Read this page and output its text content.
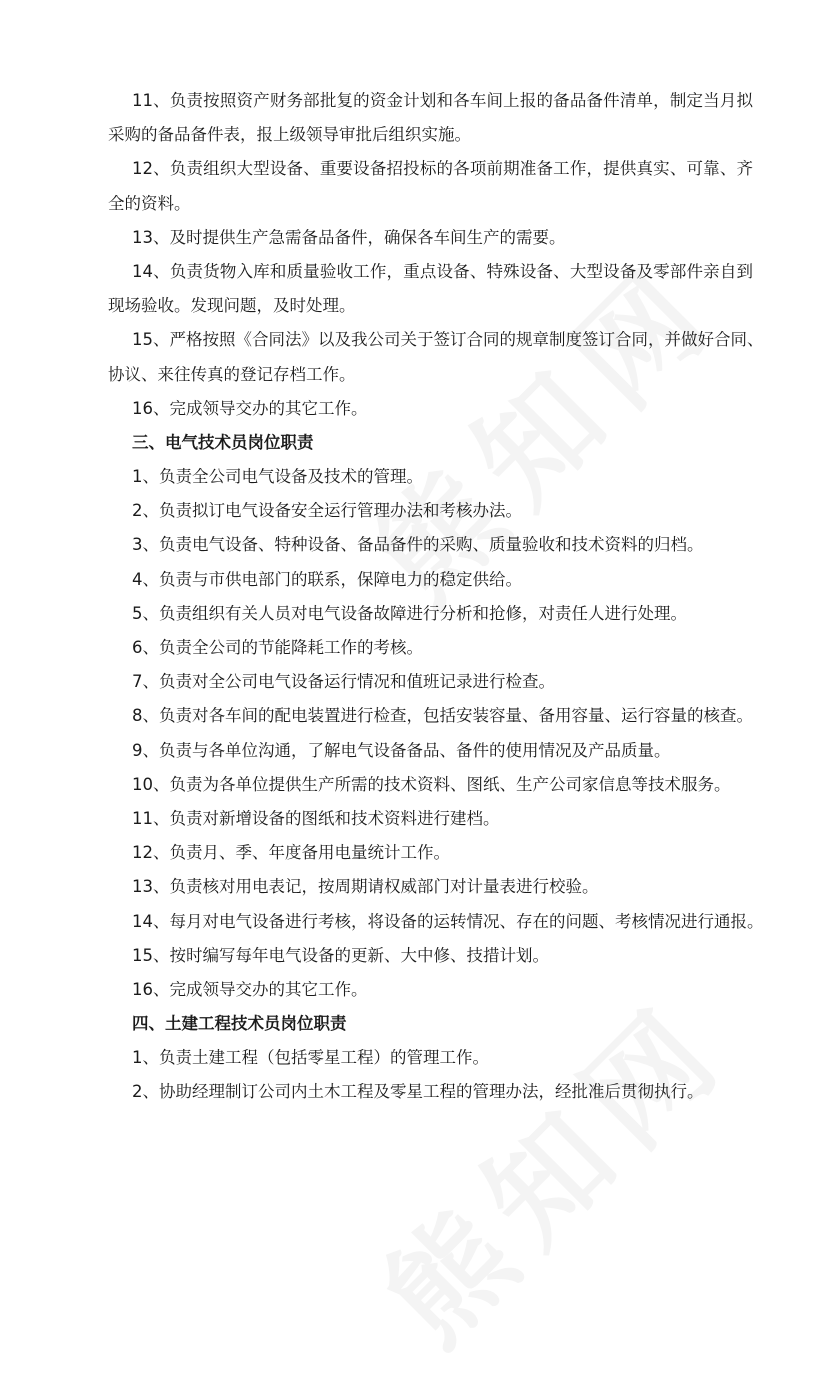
11、负责按照资产财务部批复的资金计划和各车间上报的备品备件清单，制定当月拟
采购的备品备件表，报上级领导审批后组织实施。
12、负责组织大型设备、重要设备招投标的各项前期准备工作，提供真实、可靠、齐
全的资料。
13、及时提供生产急需备品备件，确保各车间生产的需要。
14、负责货物入库和质量验收工作，重点设备、特殊设备、大型设备及零部件亲自到
现场验收。发现问题，及时处理。
15、严格按照《合同法》以及我公司关于签订合同的规章制度签订合同，并做好合同、
协议、来往传真的登记存档工作。
16、完成领导交办的其它工作。
三、电气技术员岗位职责
1、负责全公司电气设备及技术的管理。
2、负责拟订电气设备安全运行管理办法和考核办法。
3、负责电气设备、特种设备、备品备件的采购、质量验收和技术资料的归档。
4、负责与市供电部门的联系，保障电力的稳定供给。
5、负责组织有关人员对电气设备故障进行分析和抢修，对责任人进行处理。
6、负责全公司的节能降耗工作的考核。
7、负责对全公司电气设备运行情况和值班记录进行检查。
8、负责对各车间的配电装置进行检查，包括安装容量、备用容量、运行容量的核查。
9、负责与各单位沟通，了解电气设备备品、备件的使用情况及产品质量。
10、负责为各单位提供生产所需的技术资料、图纸、生产公司家信息等技术服务。
11、负责对新增设备的图纸和技术资料进行建档。
12、负责月、季、年度备用电量统计工作。
13、负责核对用电表记，按周期请权威部门对计量表进行校验。
14、每月对电气设备进行考核，将设备的运转情况、存在的问题、考核情况进行通报。
15、按时编写每年电气设备的更新、大中修、技措计划。
16、完成领导交办的其它工作。
四、土建工程技术员岗位职责
1、负责土建工程（包括零星工程）的管理工作。
2、协助经理制订公司内土木工程及零星工程的管理办法，经批准后贯彻执行。
